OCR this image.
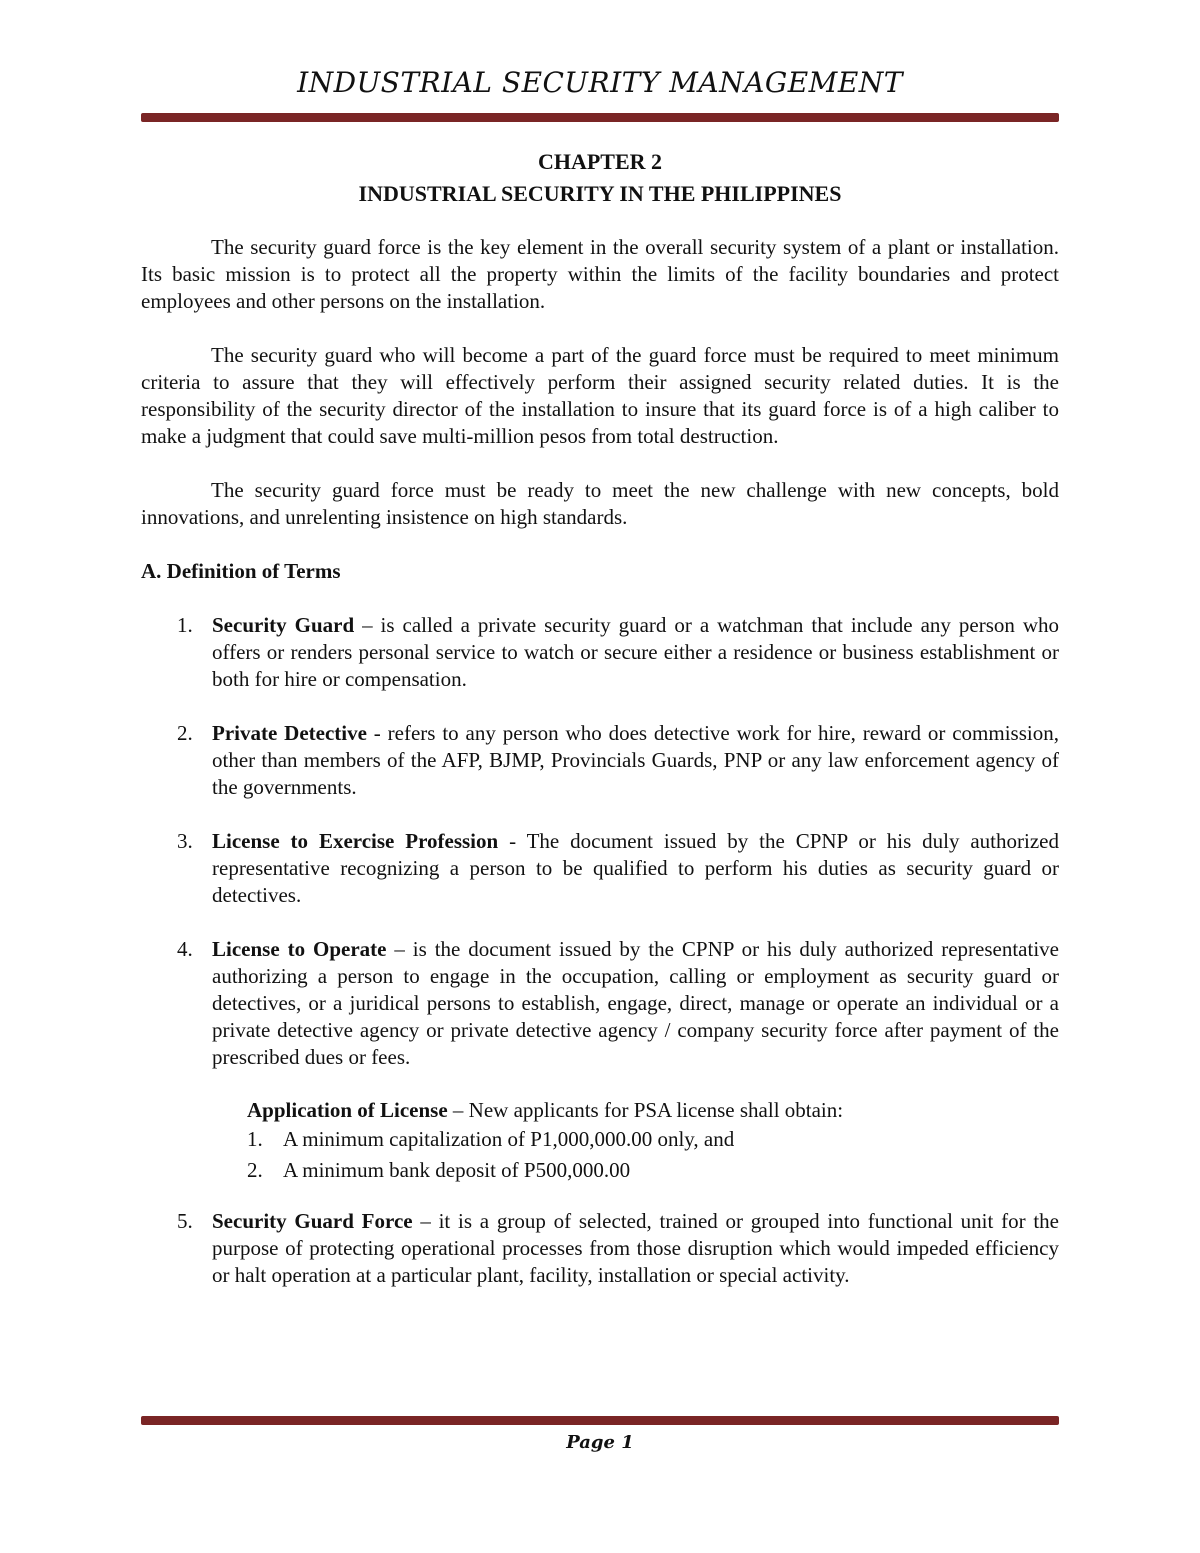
INDUSTRIAL SECURITY MANAGEMENT
CHAPTER 2
INDUSTRIAL SECURITY IN THE PHILIPPINES

The security guard force is the key element in the overall security system of a plant or installation. Its basic mission is to protect all the property within the limits of the facility boundaries and protect employees and other persons on the installation.

The security guard who will become a part of the guard force must be required to meet minimum criteria to assure that they will effectively perform their assigned security related duties. It is the responsibility of the security director of the installation to insure that its guard force is of a high caliber to make a judgment that could save multi-million pesos from total destruction.

The security guard force must be ready to meet the new challenge with new concepts, bold innovations, and unrelenting insistence on high standards.

A. Definition of Terms

1. Security Guard – is called a private security guard or a watchman that include any person who offers or renders personal service to watch or secure either a residence or business establishment or both for hire or compensation.
2. Private Detective - refers to any person who does detective work for hire, reward or commission, other than members of the AFP, BJMP, Provincials Guards, PNP or any law enforcement agency of the governments.
3. License to Exercise Profession - The document issued by the CPNP or his duly authorized representative recognizing a person to be qualified to perform his duties as security guard or detectives.
4. License to Operate – is the document issued by the CPNP or his duly authorized representative authorizing a person to engage in the occupation, calling or employment as security guard or detectives, or a juridical persons to establish, engage, direct, manage or operate an individual or a private detective agency or private detective agency / company security force after payment of the prescribed dues or fees.

Application of License – New applicants for PSA license shall obtain:

1. A minimum capitalization of P1,000,000.00 only, and
2. A minimum bank deposit of P500,000.00
5. Security Guard Force – it is a group of selected, trained or grouped into functional unit for the purpose of protecting operational processes from those disruption which would impeded efficiency or halt operation at a particular plant, facility, installation or special activity.
Page 1
